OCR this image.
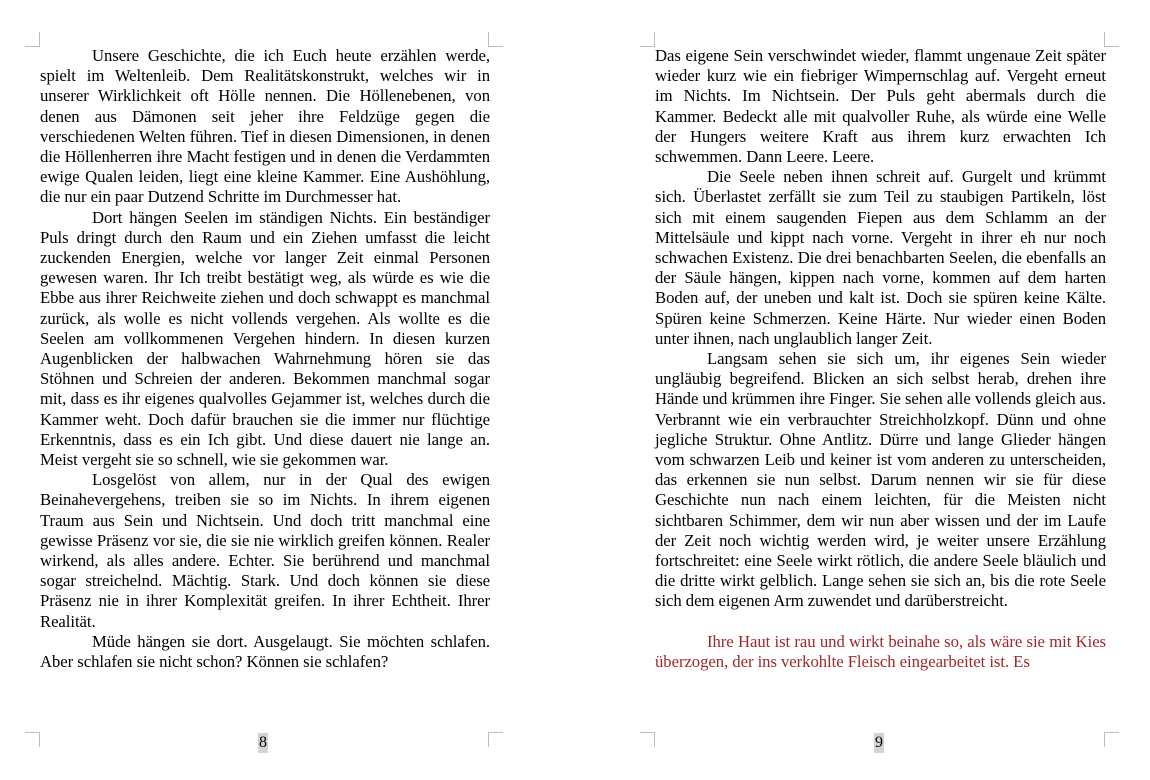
Unsere Geschichte, die ich Euch heute erzählen werde, spielt im Weltenleib. Dem Realitätskonstrukt, welches wir in unserer Wirklichkeit oft Hölle nennen. Die Höllenebenen, von denen aus Dämonen seit jeher ihre Feldzüge gegen die verschiedenen Welten führen. Tief in diesen Dimensionen, in denen die Höllenherren ihre Macht festigen und in denen die Verdammten ewige Qualen leiden, liegt eine kleine Kammer. Eine Aushöhlung, die nur ein paar Dutzend Schritte im Durchmesser hat.

Dort hängen Seelen im ständigen Nichts. Ein beständiger Puls dringt durch den Raum und ein Ziehen umfasst die leicht zuckenden Energien, welche vor langer Zeit einmal Personen gewesen waren. Ihr Ich treibt bestätigt weg, als würde es wie die Ebbe aus ihrer Reichweite ziehen und doch schwappt es manchmal zurück, als wolle es nicht vollends vergehen. Als wollte es die Seelen am vollkommenen Vergehen hindern. In diesen kurzen Augenblicken der halbwachen Wahrnehmung hören sie das Stöhnen und Schreien der anderen. Bekommen manchmal sogar mit, dass es ihr eigenes qualvolles Gejammer ist, welches durch die Kammer weht. Doch dafür brauchen sie die immer nur flüchtige Erkenntnis, dass es ein Ich gibt. Und diese dauert nie lange an. Meist vergeht sie so schnell, wie sie gekommen war.

Losgelöst von allem, nur in der Qual des ewigen Beinahevergehens, treiben sie so im Nichts. In ihrem eigenen Traum aus Sein und Nichtsein. Und doch tritt manchmal eine gewisse Präsenz vor sie, die sie nie wirklich greifen können. Realer wirkend, als alles andere. Echter. Sie berührend und manchmal sogar streichelnd. Mächtig. Stark. Und doch können sie diese Präsenz nie in ihrer Komplexität greifen. In ihrer Echtheit. Ihrer Realität.

Müde hängen sie dort. Ausgelaugt. Sie möchten schlafen. Aber schlafen sie nicht schon? Können sie schlafen?

8

Das eigene Sein verschwindet wieder, flammt ungenaue Zeit später wieder kurz wie ein fiebriger Wimpernschlag auf. Vergeht erneut im Nichts. Im Nichtsein. Der Puls geht abermals durch die Kammer. Bedeckt alle mit qualvoller Ruhe, als würde eine Welle der Hungers weitere Kraft aus ihrem kurz erwachten Ich schwemmen. Dann Leere. Leere.

Die Seele neben ihnen schreit auf. Gurgelt und krümmt sich. Überlastet zerfällt sie zum Teil zu staubigen Partikeln, löst sich mit einem saugenden Fiepen aus dem Schlamm an der Mittelsäule und kippt nach vorne. Vergeht in ihrer eh nur noch schwachen Existenz. Die drei benachbarten Seelen, die ebenfalls an der Säule hängen, kippen nach vorne, kommen auf dem harten Boden auf, der uneben und kalt ist. Doch sie spüren keine Kälte. Spüren keine Schmerzen. Keine Härte. Nur wieder einen Boden unter ihnen, nach unglaublich langer Zeit.

Langsam sehen sie sich um, ihr eigenes Sein wieder ungläubig begreifend. Blicken an sich selbst herab, drehen ihre Hände und krümmen ihre Finger. Sie sehen alle vollends gleich aus. Verbrannt wie ein verbrauchter Streichholzkopf. Dünn und ohne jegliche Struktur. Ohne Antlitz. Dürre und lange Glieder hängen vom schwarzen Leib und keiner ist vom anderen zu unterscheiden, das erkennen sie nun selbst. Darum nennen wir sie für diese Geschichte nun nach einem leichten, für die Meisten nicht sichtbaren Schimmer, dem wir nun aber wissen und der im Laufe der Zeit noch wichtig werden wird, je weiter unsere Erzählung fortschreitet: eine Seele wirkt rötlich, die andere Seele bläulich und die dritte wirkt gelblich. Lange sehen sie sich an, bis die rote Seele sich dem eigenen Arm zuwendet und darüberstreicht.

Ihre Haut ist rau und wirkt beinahe so, als wäre sie mit Kies überzogen, der ins verkohlte Fleisch eingearbeitet ist. Es

9
